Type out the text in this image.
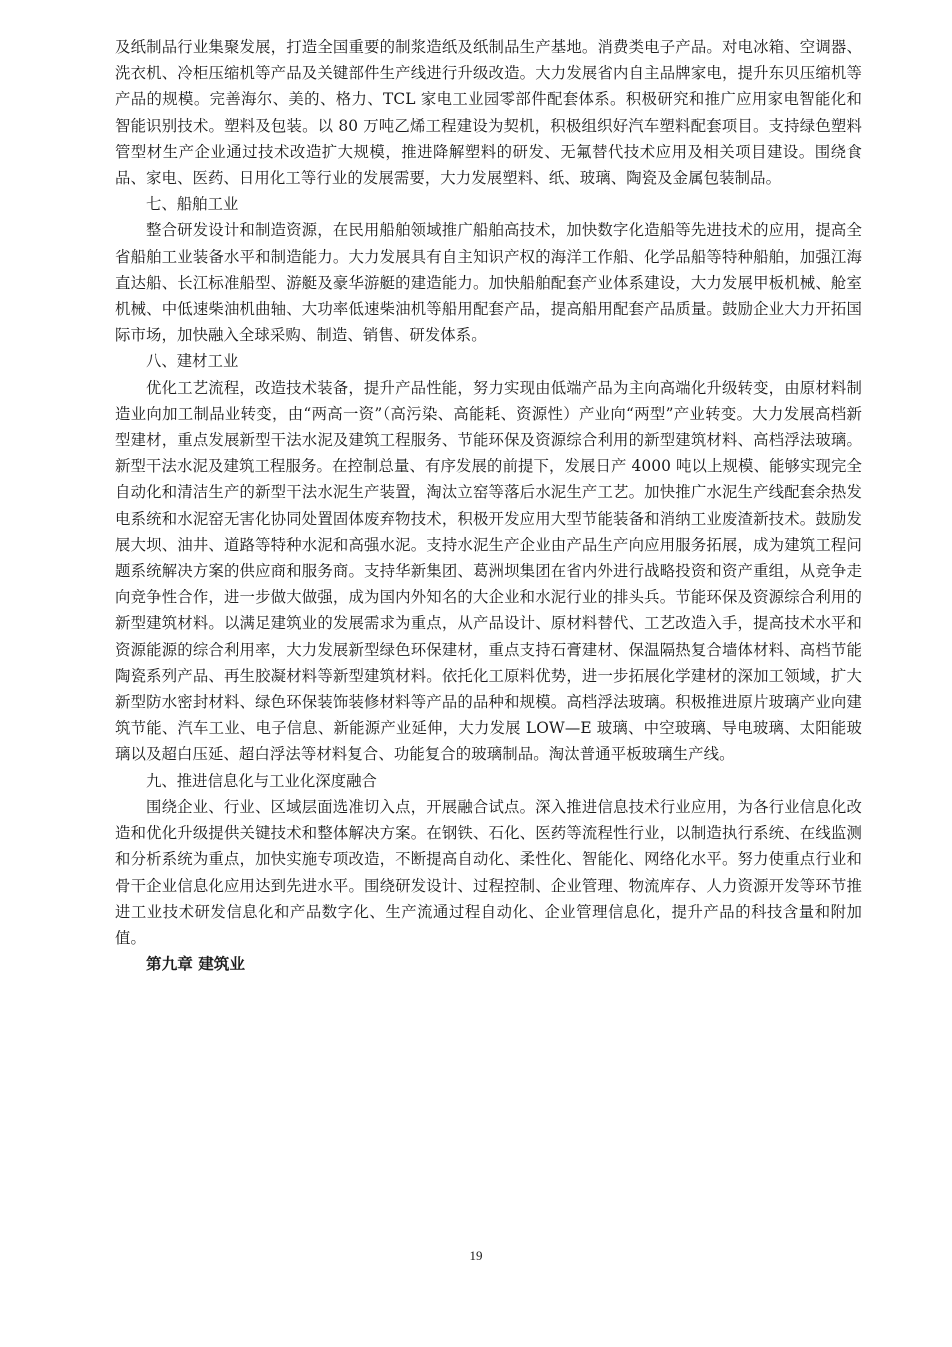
及纸制品行业集聚发展，打造全国重要的制浆造纸及纸制品生产基地。消费类电子产品。对电冰箱、空调器、洗衣机、冷柜压缩机等产品及关键部件生产线进行升级改造。大力发展省内自主品牌家电，提升东贝压缩机等产品的规模。完善海尔、美的、格力、TCL 家电工业园零部件配套体系。积极研究和推广应用家电智能化和智能识别技术。塑料及包装。以 80 万吨乙烯工程建设为契机，积极组织好汽车塑料配套项目。支持绿色塑料管型材生产企业通过技术改造扩大规模，推进降解塑料的研发、无氟替代技术应用及相关项目建设。围绕食品、家电、医药、日用化工等行业的发展需要，大力发展塑料、纸、玻璃、陶瓷及金属包装制品。

七、船舶工业

整合研发设计和制造资源，在民用船舶领域推广船舶高技术，加快数字化造船等先进技术的应用，提高全省船舶工业装备水平和制造能力。大力发展具有自主知识产权的海洋工作船、化学品船等特种船舶，加强江海直达船、长江标准船型、游艇及豪华游艇的建造能力。加快船舶配套产业体系建设，大力发展甲板机械、舱室机械、中低速柴油机曲轴、大功率低速柴油机等船用配套产品，提高船用配套产品质量。鼓励企业大力开拓国际市场，加快融入全球采购、制造、销售、研发体系。

八、建材工业

优化工艺流程，改造技术装备，提升产品性能，努力实现由低端产品为主向高端化升级转变，由原材料制造业向加工制品业转变，由“两高一资”（高污染、高能耗、资源性）产业向“两型”产业转变。大力发展高档新型建材，重点发展新型干法水泥及建筑工程服务、节能环保及资源综合利用的新型建筑材料、高档浮法玻璃。新型干法水泥及建筑工程服务。在控制总量、有序发展的前提下，发展日产 4000 吨以上规模、能够实现完全自动化和清洁生产的新型干法水泥生产装置，淘汰立窑等落后水泥生产工艺。加快推广水泥生产线配套余热发电系统和水泥窑无害化协同处置固体废弃物技术，积极开发应用大型节能装备和消纳工业废渣新技术。鼓励发展大坝、油井、道路等特种水泥和高强水泥。支持水泥生产企业由产品生产向应用服务拓展，成为建筑工程问题系统解决方案的供应商和服务商。支持华新集团、葛洲坝集团在省内外进行战略投资和资产重组，从竞争走向竞争性合作，进一步做大做强，成为国内外知名的大企业和水泥行业的排头兵。节能环保及资源综合利用的新型建筑材料。以满足建筑业的发展需求为重点，从产品设计、原材料替代、工艺改造入手，提高技术水平和资源能源的综合利用率，大力发展新型绿色环保建材，重点支持石膏建材、保温隔热复合墙体材料、高档节能陶瓷系列产品、再生胶凝材料等新型建筑材料。依托化工原料优势，进一步拓展化学建材的深加工领域，扩大新型防水密封材料、绿色环保装饰装修材料等产品的品种和规模。高档浮法玻璃。积极推进原片玻璃产业向建筑节能、汽车工业、电子信息、新能源产业延伸，大力发展 LOW—E 玻璃、中空玻璃、导电玻璃、太阳能玻璃以及超白压延、超白浮法等材料复合、功能复合的玻璃制品。淘汰普通平板玻璃生产线。

九、推进信息化与工业化深度融合

围绕企业、行业、区域层面选准切入点，开展融合试点。深入推进信息技术行业应用，为各行业信息化改造和优化升级提供关键技术和整体解决方案。在钢铁、石化、医药等流程性行业，以制造执行系统、在线监测和分析系统为重点，加快实施专项改造，不断提高自动化、柔性化、智能化、网络化水平。努力使重点行业和骨干企业信息化应用达到先进水平。围绕研发设计、过程控制、企业管理、物流库存、人力资源开发等环节推进工业技术研发信息化和产品数字化、生产流通过程自动化、企业管理信息化，提升产品的科技含量和附加值。

第九章 建筑业

19
